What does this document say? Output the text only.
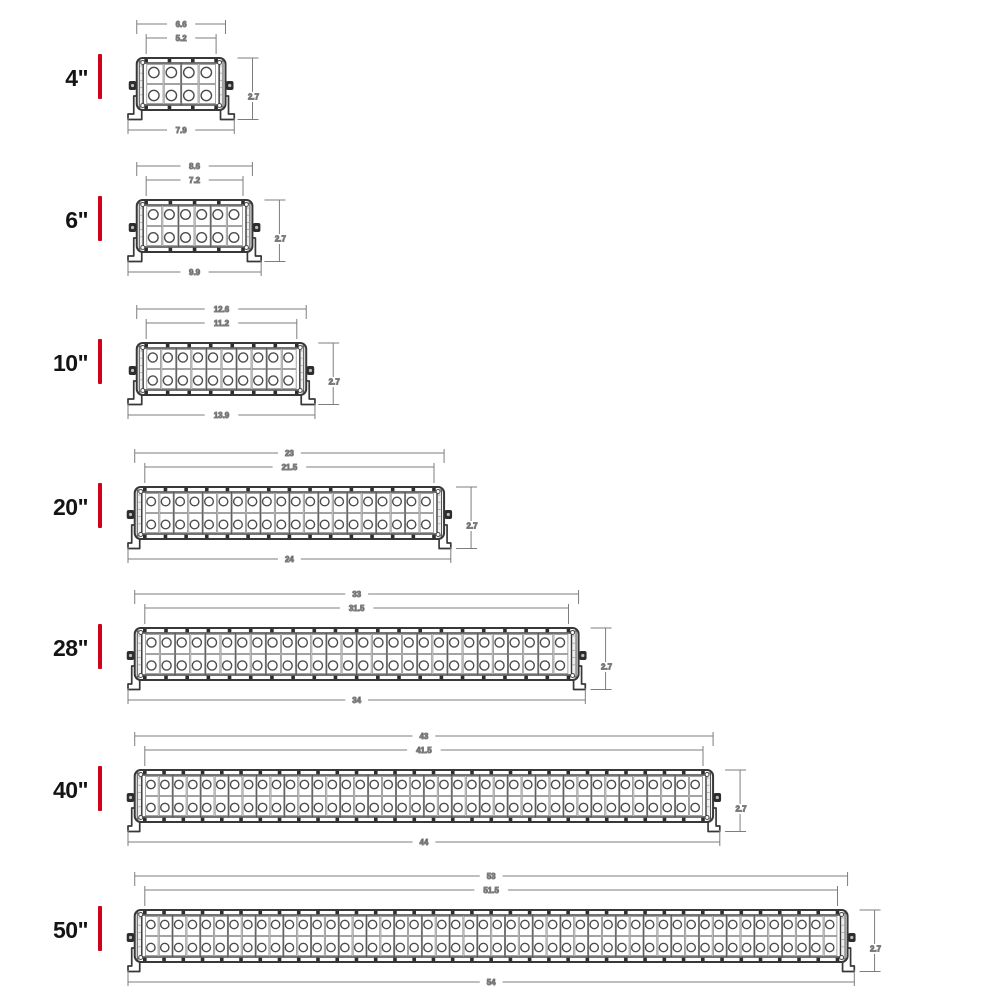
4"
6.6
5.2
7.9
2.7
6"
8.6
7.2
9.9
2.7
10"
12.6
11.2
13.9
2.7
20"
23
21.5
24
2.7
28"
33
31.5
34
2.7
40"
43
41.5
44
2.7
50"
53
51.5
54
2.7
